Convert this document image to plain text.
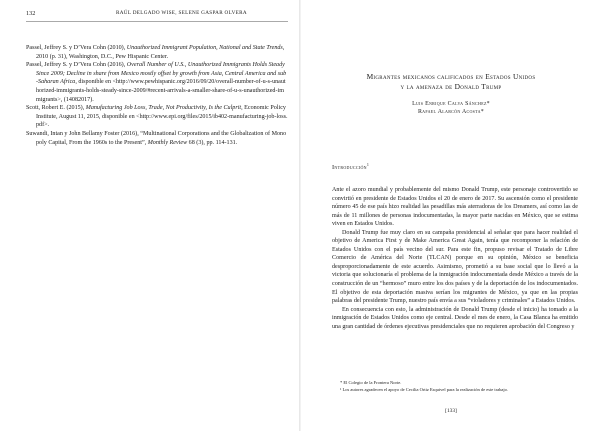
132	RAÚL DELGADO WISE, SELENE GASPAR OLVERA

Passel, Jeffrey S. y D’Vera Cohn (2010), Unauthorized Immigrant Population, National and State Trends, 2010 (p. 31), Washington, D.C., Pew Hispanic Center.

Passel, Jeffrey S. y D’Vera Cohn (2016), Overall Number of U.S., Unauthorized Immigrants Holds Steady Since 2009; Decline in share from Mexico mostly offset by growth from Asia, Central America and sub-Saharan Africa, disponible en <http://www.pewhispanic.org/2016/09/20/overall-number-of-u-s-unauthorized-immigrants-holds-steady-since-2009/#recent-arrivals-a-smaller-share-of-u-s-unauthorized-immigrants>, (14082017).

Scott, Robert E. (2015), Manufacturing Job Loss, Trade, Not Productivity, Is the Culprit, Economic Policy Institute, August 11, 2015, disponible en <http://www.epi.org/files/2015/ib402-manufacturing-job-loss.pdf>.

Suwandi, Intan y John Bellamy Foster (2016), “Multinational Corporations and the Globalization of Monopoly Capital, From the 1960s to the Present”, Monthly Review 68 (3), pp. 114-131.

Migrantes mexicanos calificados en Estados Unidos
y la amenaza de Donald Trump
Luis Enrique Calva Sánchez*
Rafael Alarcón Acosta*
Introducción$^1$

Ante el azoro mundial y probablemente del mismo Donald Trump, este personaje controvertido se convirtió en presidente de Estados Unidos el 20 de enero de 2017. Su ascensión como el presidente número 45 de ese país hizo realidad las pesadillas más aterradoras de los Dreamers, así como las de más de 11 millones de personas indocumentadas, la mayor parte nacidas en México, que se estima viven en Estados Unidos.

Donald Trump fue muy claro en su campaña presidencial al señalar que para hacer realidad el objetivo de America First y de Make America Great Again, tenía que recomponer la relación de Estados Unidos con el país vecino del sur. Para este fin, propuso revisar el Tratado de Libre Comercio de América del Norte (TLCAN) porque en su opinión, México se beneficia desproporcionadamente de este acuerdo. Asimismo, prometió a su base social que lo llevó a la victoria que solucionaría el problema de la inmigración indocumentada desde México a través de la construcción de un “hermoso” muro entre los dos países y de la deportación de los indocumentados. El objetivo de esta deportación masiva serían los migrantes de México, ya que en las propias palabras del presidente Trump, nuestro país envía a sus “violadores y criminales” a Estados Unidos.

En consecuencia con esto, la administración de Donald Trump (desde el inicio) ha tomado a la inmigración de Estados Unidos como eje central. Desde el mes de enero, la Casa Blanca ha emitido una gran cantidad de órdenes ejecutivas presidenciales que no requieren aprobación del Congreso y

* El Colegio de la Frontera Norte.

¹ Los autores agradecen el apoyo de Cecilia Ortiz Esquivel para la realización de este trabajo.

[133]
